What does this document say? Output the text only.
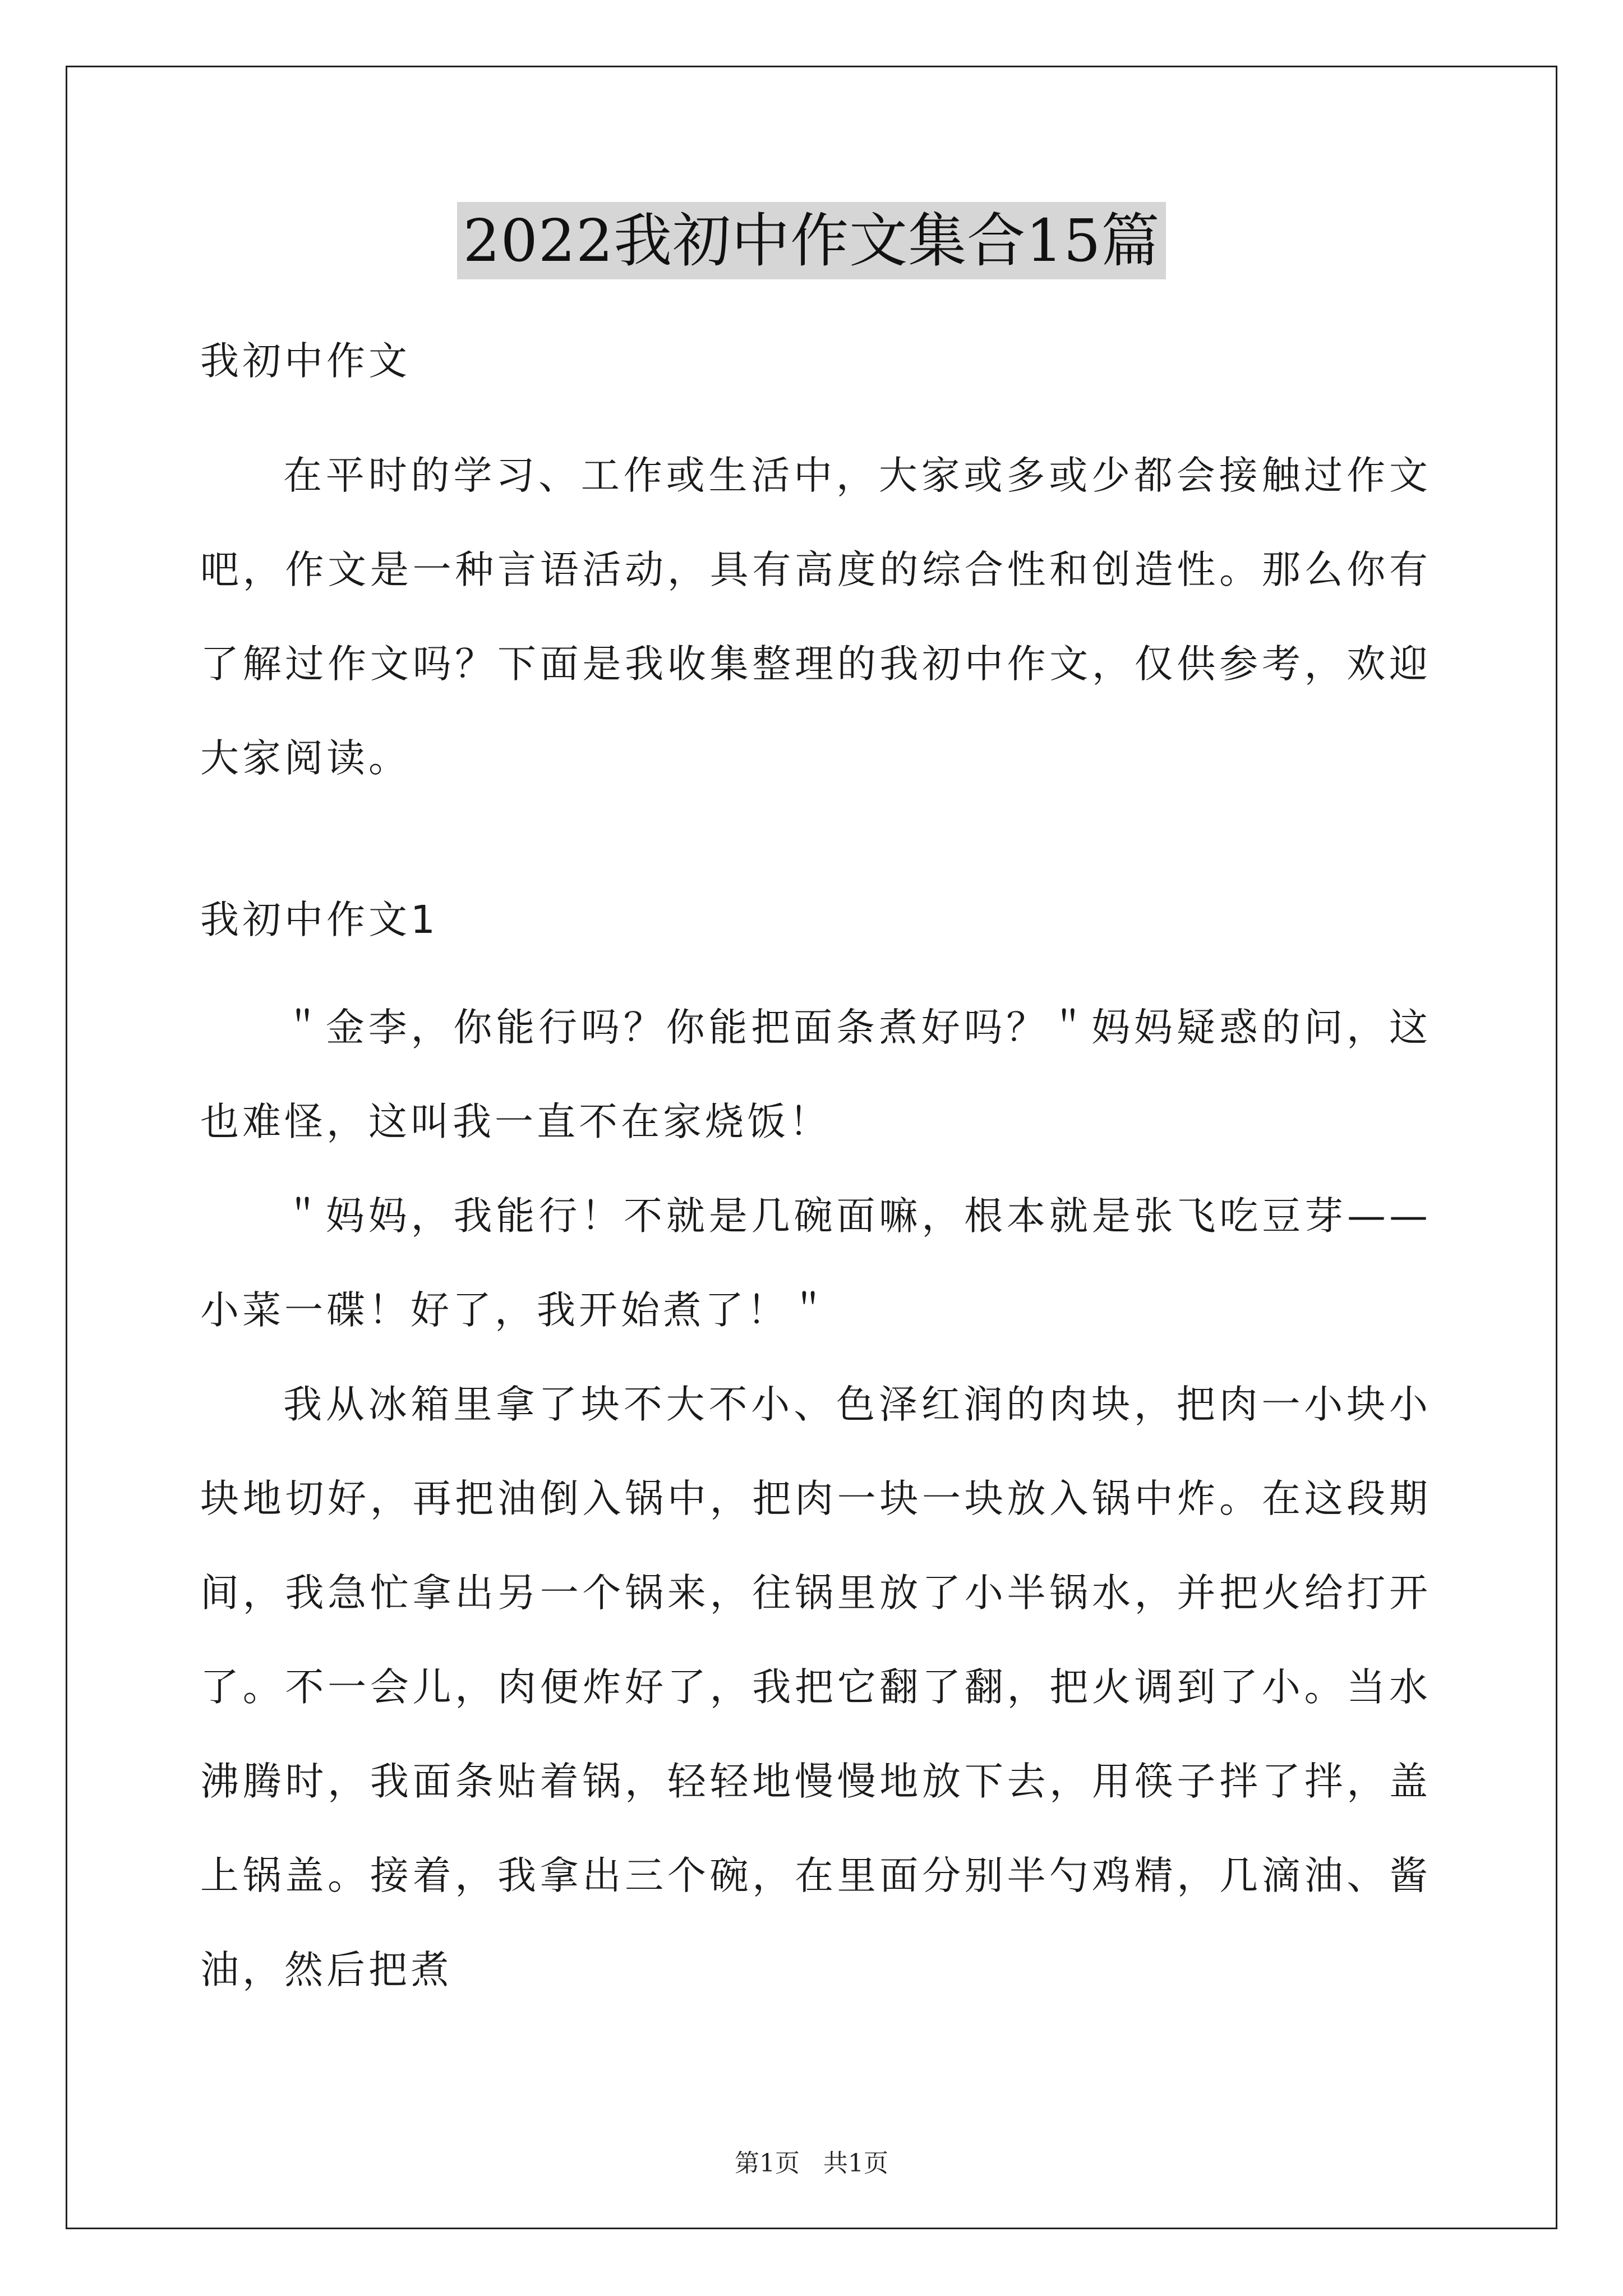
2022我初中作文集合15篇

我初中作文

在平时的学习、工作或生活中，大家或多或少都会接触过作文吧，作文是一种言语活动，具有高度的综合性和创造性。那么你有了解过作文吗？下面是我收集整理的我初中作文，仅供参考，欢迎大家阅读。

我初中作文1

＂金李，你能行吗？你能把面条煮好吗？＂妈妈疑惑的问，这也难怪，这叫我一直不在家烧饭！

＂妈妈，我能行！不就是几碗面嘛，根本就是张飞吃豆芽——小菜一碟！好了，我开始煮了！＂

我从冰箱里拿了块不大不小、色泽红润的肉块，把肉一小块小块地切好，再把油倒入锅中，把肉一块一块放入锅中炸。在这段期间，我急忙拿出另一个锅来，往锅里放了小半锅水，并把火给打开了。不一会儿，肉便炸好了，我把它翻了翻，把火调到了小。当水沸腾时，我面条贴着锅，轻轻地慢慢地放下去，用筷子拌了拌，盖上锅盖。接着，我拿出三个碗，在里面分别半勺鸡精，几滴油、酱油，然后把煮

第1页 共1页
